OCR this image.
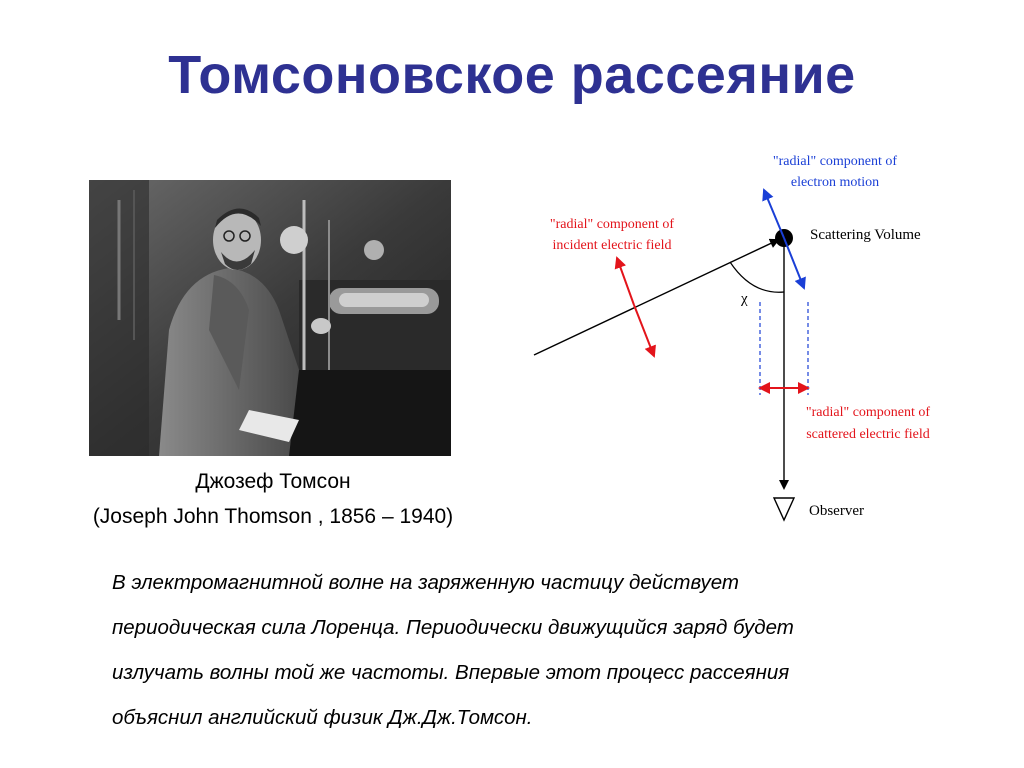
Томсоновское рассеяние
Джозеф Томсон
(Joseph John Thomson , 1856 – 1940)
χ
"radial" component of
electron motion
"radial" component of
incident electric field
Scattering Volume
"radial" component of
scattered electric field
Observer
В электромагнитной волне на заряженную частицу действует
периодическая сила Лоренца. Периодически движущийся заряд будет
излучать волны той же частоты. Впервые этот процесс рассеяния
объяснил английский физик Дж.Дж.Томсон.
